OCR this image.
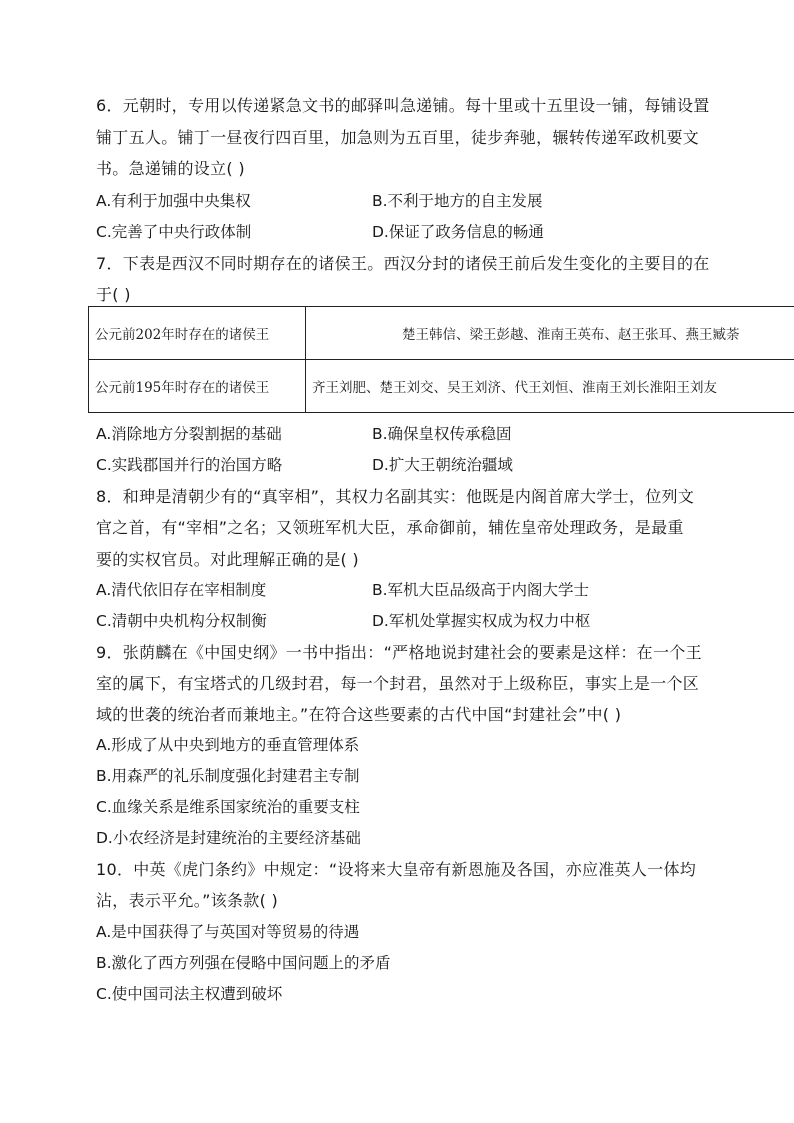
6．元朝时，专用以传递紧急文书的邮驿叫急递铺。每十里或十五里设一铺，每铺设置
铺丁五人。铺丁一昼夜行四百里，加急则为五百里，徒步奔驰，辗转传递军政机要文
书。急递铺的设立( )
A.有利于加强中央集权	B.不利于地方的自主发展
C.完善了中央行政体制	D.保证了政务信息的畅通
7．下表是西汉不同时期存在的诸侯王。西汉分封的诸侯王前后发生变化的主要目的在
于( )
公元前202年时存在的诸侯王	楚王韩信、梁王彭越、淮南王英布、赵王张耳、燕王臧荼
公元前195年时存在的诸侯王	齐王刘肥、楚王刘交、吴王刘济、代王刘恒、淮南王刘长淮阳王刘友
A.消除地方分裂割据的基础	B.确保皇权传承稳固
C.实践郡国并行的治国方略	D.扩大王朝统治疆域
8．和珅是清朝少有的“真宰相”，其权力名副其实：他既是内阁首席大学士，位列文
官之首，有“宰相”之名；又领班军机大臣，承命御前，辅佐皇帝处理政务，是最重
要的实权官员。对此理解正确的是( )
A.清代依旧存在宰相制度	B.军机大臣品级高于内阁大学士
C.清朝中央机构分权制衡	D.军机处掌握实权成为权力中枢
9．张荫麟在《中国史纲》一书中指出：“严格地说封建社会的要素是这样：在一个王
室的属下，有宝塔式的几级封君，每一个封君，虽然对于上级称臣，事实上是一个区
域的世袭的统治者而兼地主。”在符合这些要素的古代中国“封建社会”中( )
A.形成了从中央到地方的垂直管理体系
B.用森严的礼乐制度强化封建君主专制
C.血缘关系是维系国家统治的重要支柱
D.小农经济是封建统治的主要经济基础
10．中英《虎门条约》中规定：“设将来大皇帝有新恩施及各国，亦应准英人一体均
沾，表示平允。”该条款( )
A.是中国获得了与英国对等贸易的待遇
B.激化了西方列强在侵略中国问题上的矛盾
C.使中国司法主权遭到破坏
